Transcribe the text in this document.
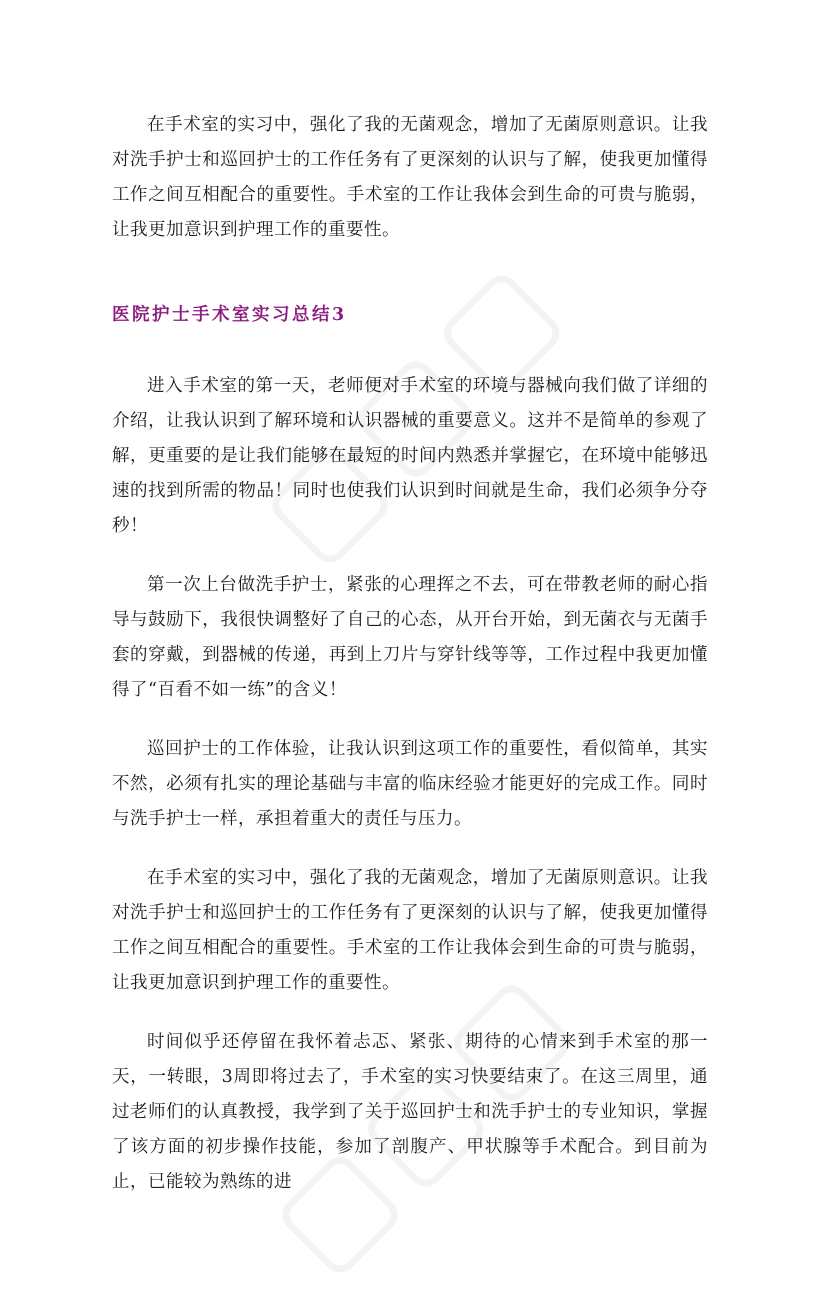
在手术室的实习中，强化了我的无菌观念，增加了无菌原则意识。让我对洗手护士和巡回护士的工作任务有了更深刻的认识与了解，使我更加懂得工作之间互相配合的重要性。手术室的工作让我体会到生命的可贵与脆弱，让我更加意识到护理工作的重要性。

医院护士手术室实习总结3

进入手术室的第一天，老师便对手术室的环境与器械向我们做了详细的介绍，让我认识到了解环境和认识器械的重要意义。这并不是简单的参观了解，更重要的是让我们能够在最短的时间内熟悉并掌握它，在环境中能够迅速的找到所需的物品！同时也使我们认识到时间就是生命，我们必须争分夺秒！

第一次上台做洗手护士，紧张的心理挥之不去，可在带教老师的耐心指导与鼓励下，我很快调整好了自己的心态，从开台开始，到无菌衣与无菌手套的穿戴，到器械的传递，再到上刀片与穿针线等等，工作过程中我更加懂得了“百看不如一练”的含义！

巡回护士的工作体验，让我认识到这项工作的重要性，看似简单，其实不然，必须有扎实的理论基础与丰富的临床经验才能更好的完成工作。同时与洗手护士一样，承担着重大的责任与压力。

在手术室的实习中，强化了我的无菌观念，增加了无菌原则意识。让我对洗手护士和巡回护士的工作任务有了更深刻的认识与了解，使我更加懂得工作之间互相配合的重要性。手术室的工作让我体会到生命的可贵与脆弱，让我更加意识到护理工作的重要性。

时间似乎还停留在我怀着忐忑、紧张、期待的心情来到手术室的那一天，一转眼，3周即将过去了，手术室的实习快要结束了。在这三周里，通过老师们的认真教授，我学到了关于巡回护士和洗手护士的专业知识，掌握了该方面的初步操作技能，参加了剖腹产、甲状腺等手术配合。到目前为止，已能较为熟练的进
